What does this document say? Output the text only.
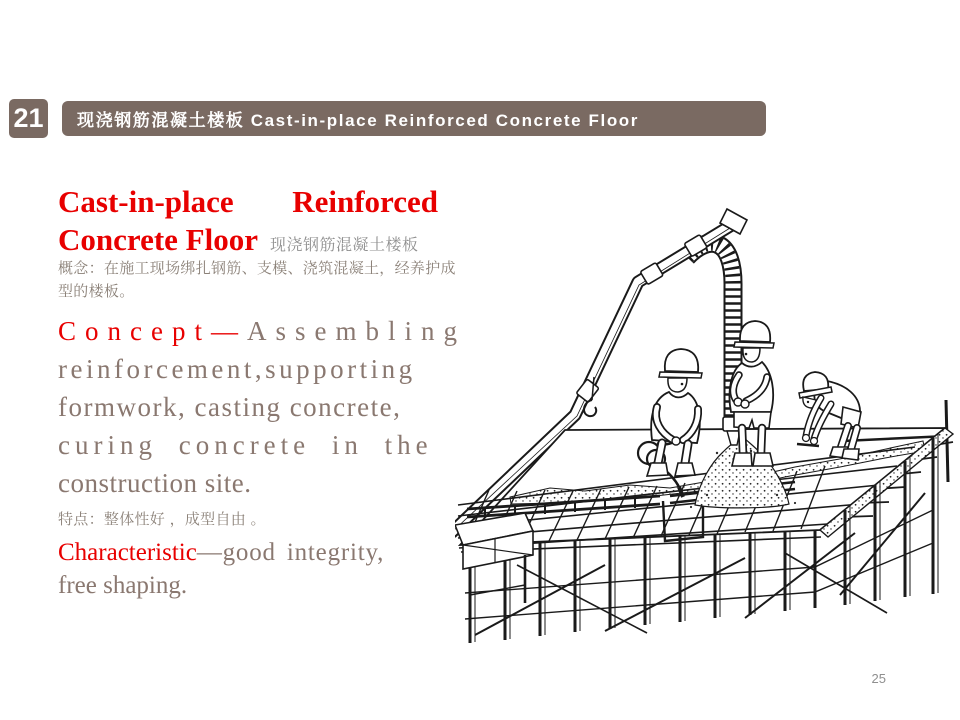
21	现浇钢筋混凝土楼板 Cast-in-place Reinforced Concrete Floor
Cast-in-place Reinforced
Concrete Floor 现浇钢筋混凝土楼板
概念：在施工现场绑扎钢筋、支模、浇筑混凝土，经养护成型的楼板。
Concept—Assembling
reinforcement,supporting
formwork, casting concrete,
curing concrete in the
construction site.
特点：整体性好 ，成型自由 。
Characteristic—good integrity,
free shaping.
25
